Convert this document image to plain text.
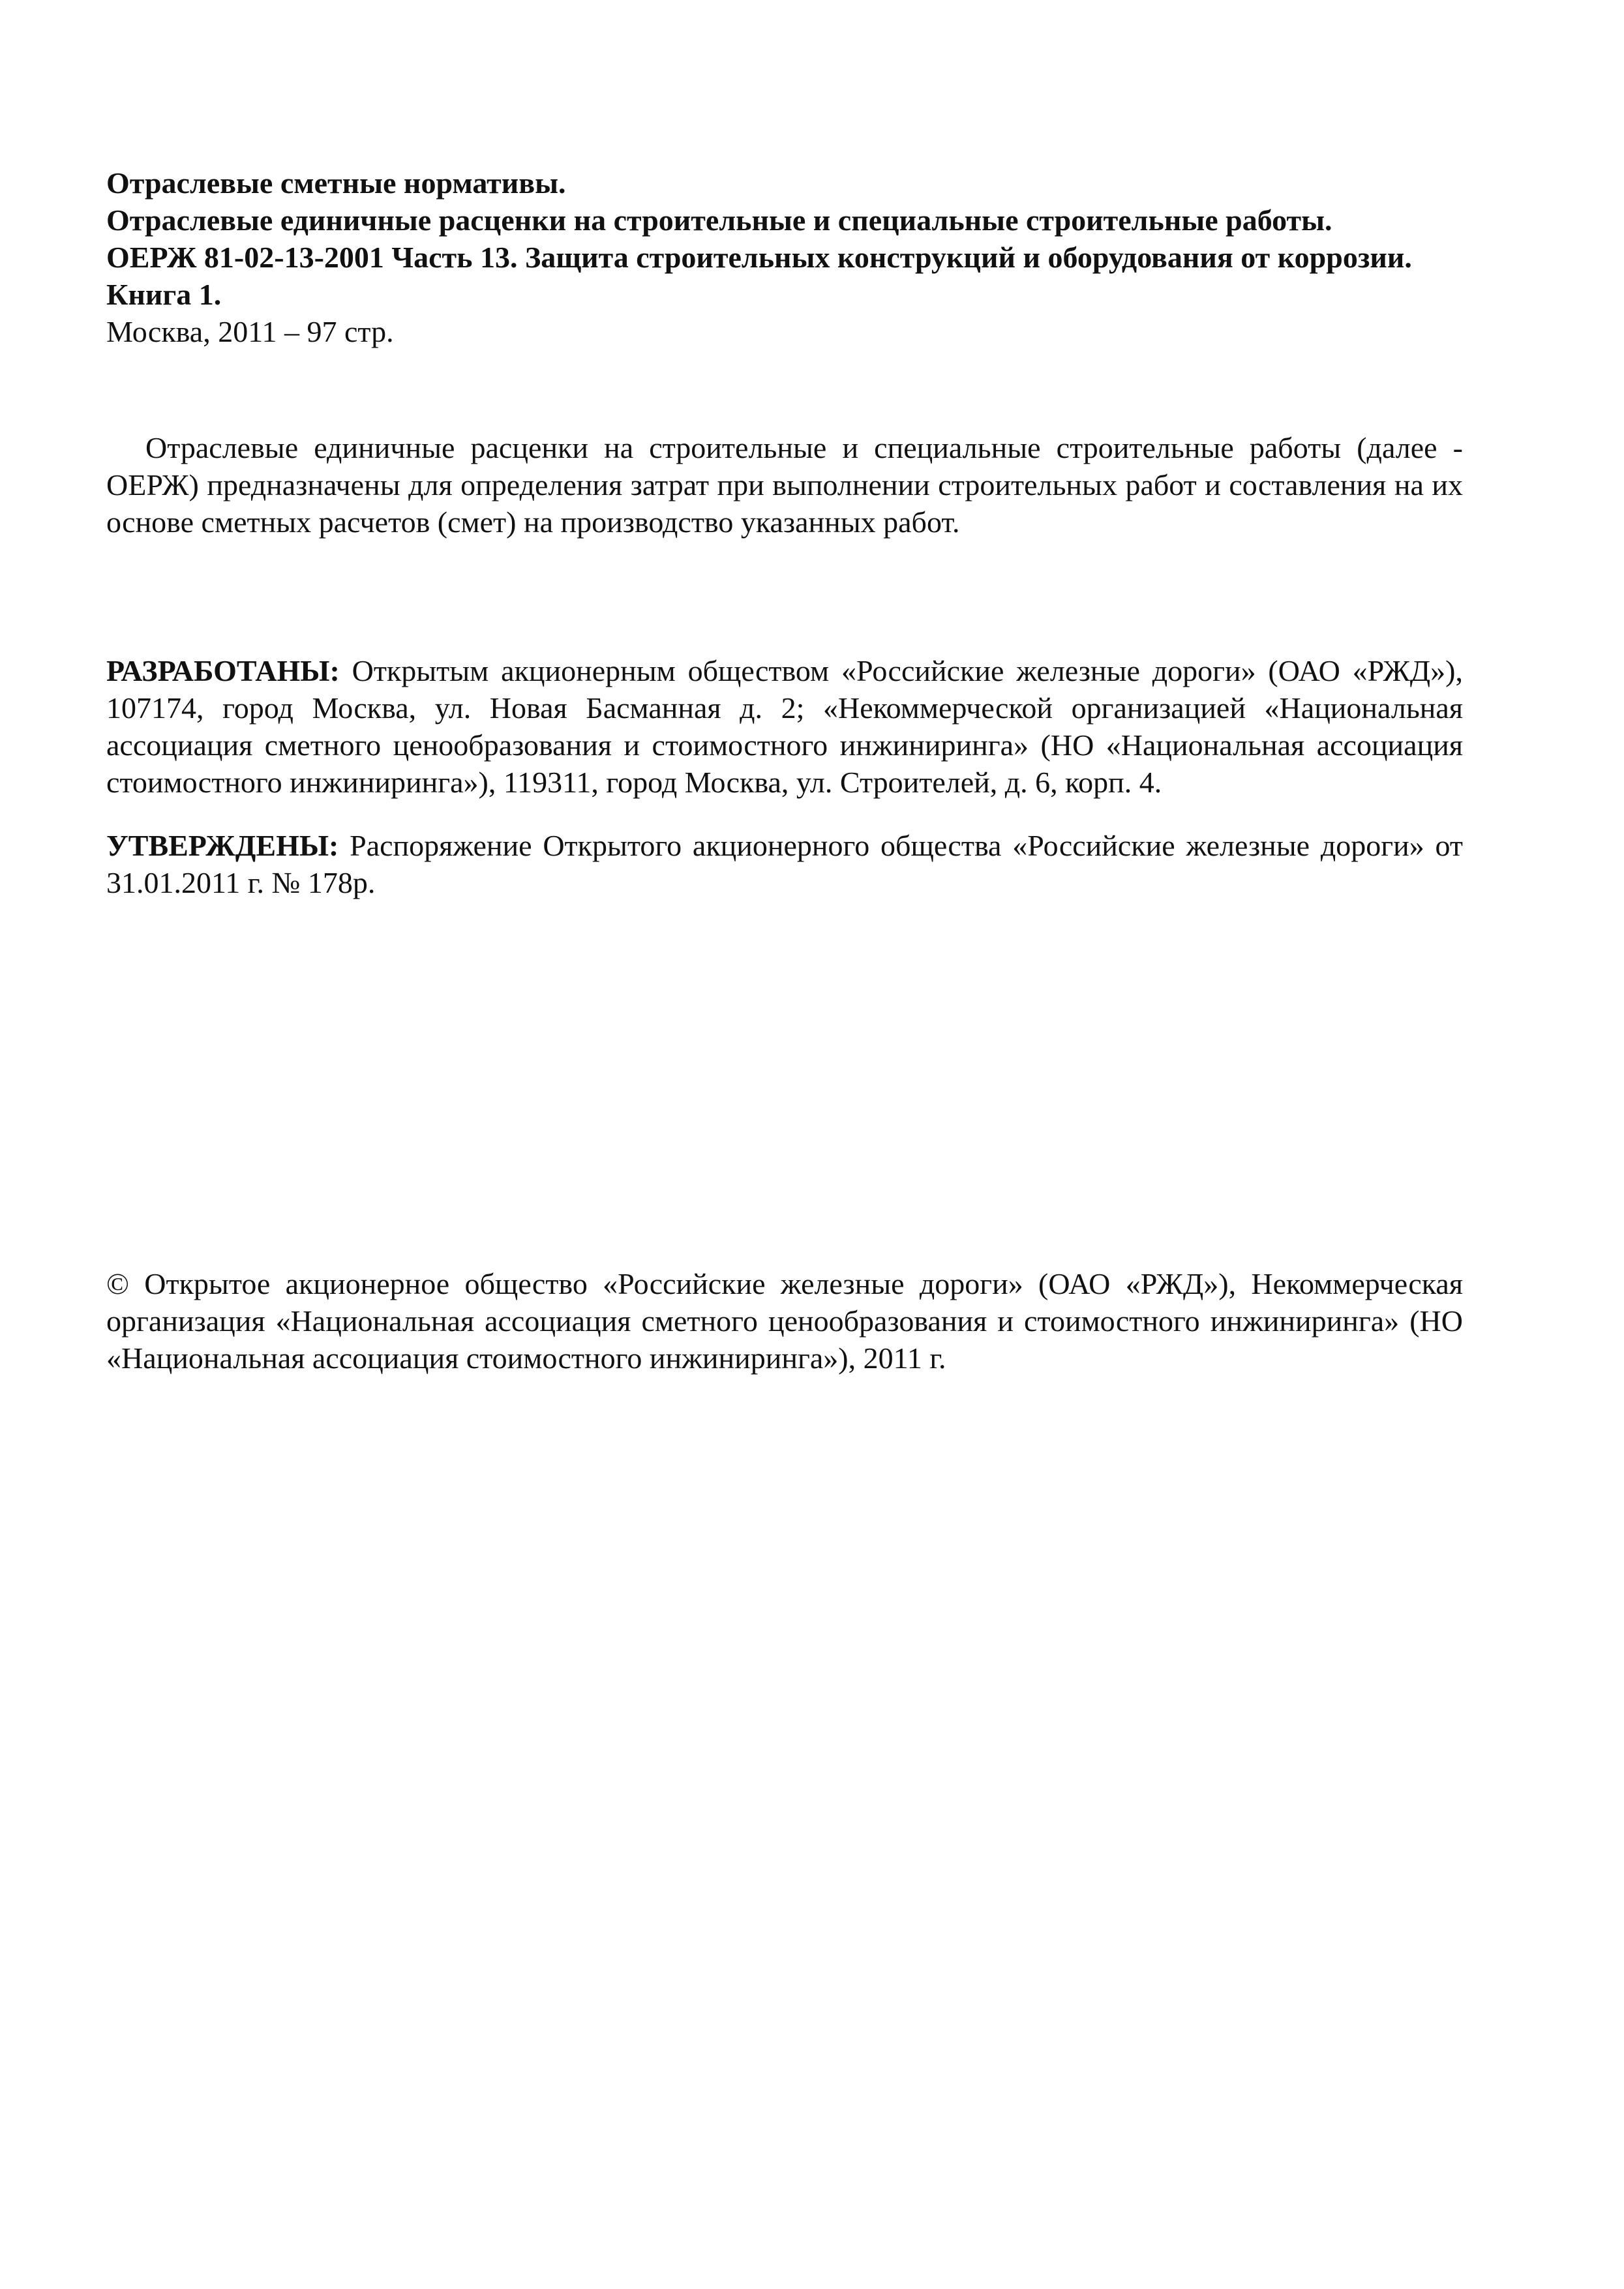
Отраслевые сметные нормативы.
Отраслевые единичные расценки на строительные и специальные строительные работы.
ОЕРЖ 81-02-13-2001 Часть 13. Защита строительных конструкций и оборудования от коррозии.
Книга 1.
Москва, 2011 – 97 стр.

Отраслевые единичные расценки на строительные и специальные строительные работы (далее - ОЕРЖ) предназначены для определения затрат при выполнении строительных работ и составления на их основе сметных расчетов (смет) на производство указанных работ.

РАЗРАБОТАНЫ: Открытым акционерным обществом «Российские железные дороги» (ОАО «РЖД»), 107174, город Москва, ул. Новая Басманная д. 2; «Некоммерческой организацией «Национальная ассоциация сметного ценообразования и стоимостного инжиниринга» (НО «Национальная ассоциация стоимостного инжиниринга»), 119311, город Москва, ул. Строителей, д. 6, корп. 4.

УТВЕРЖДЕНЫ: Распоряжение Открытого акционерного общества «Российские железные дороги» от 31.01.2011 г. № 178р.

© Открытое акционерное общество «Российские железные дороги» (ОАО «РЖД»), Некоммерческая организация «Национальная ассоциация сметного ценообразования и стоимостного инжиниринга» (НО «Национальная ассоциация стоимостного инжиниринга»), 2011 г.
